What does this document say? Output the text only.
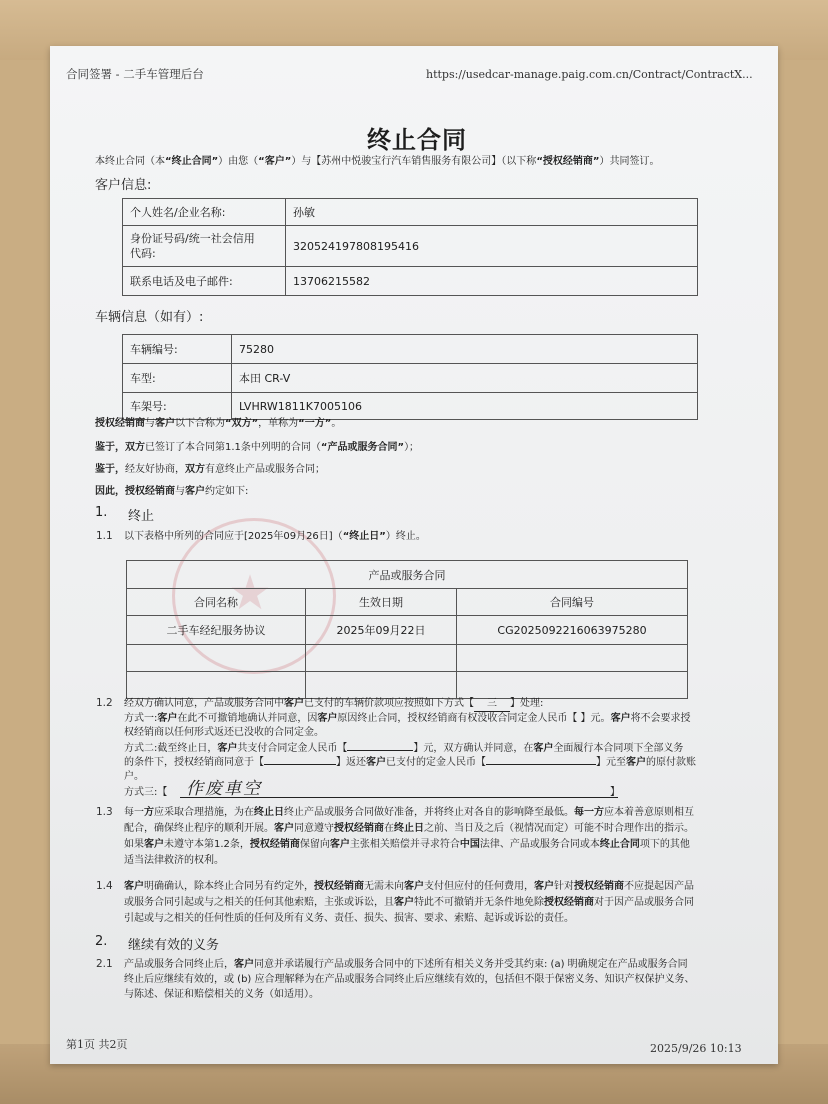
★
合同签署 - 二手车管理后台	https://usedcar-manage.paig.com.cn/Contract/ContractX...
终止合同
本终止合同（本“终止合同”）由您（“客户”）与【苏州中悦骏宝行汽车销售服务有限公司】（以下称“授权经销商”）共同签订。
客户信息:
个人姓名/企业名称:	孙敏
身份证号码/统一社会信用
代码:	320524197808195416
联系电话及电子邮件:	13706215582
车辆信息（如有）:
车辆编号:	75280
车型:	本田 CR-V
车架号:	LVHRW1811K7005106
授权经销商与客户以下合称为“双方”，单称为“一方”。
鉴于，双方已签订了本合同第1.1条中列明的合同（“产品或服务合同”）；
鉴于，经友好协商，双方有意终止产品或服务合同；
因此，授权经销商与客户约定如下:
1. 终止
1.1 以下表格中所列的合同应于[2025年09月26日]（“终止日”）终止。
产品或服务合同		
合同名称	生效日期	合同编号
二手车经纪服务协议	2025年09月22日	CG2025092216063975280

1.2 经双方确认同意，产品或服务合同中客户已支付的车辆价款项应按照如下方式【 三 】处理:
方式一:客户在此不可撤销地确认并同意，因客户原因终止合同，授权经销商有权没收合同定金人民币【 】元。客户将不会要求授
权经销商以任何形式返还已没收的合同定金。
方式二:截至终止日，客户共支付合同定金人民币【	】元，双方确认并同意，在客户全面履行本合同项下全部义务
的条件下，授权经销商同意于【	】返还客户已支付的定金人民币【	】元至客户的原付款账
户。
方式三:【 作废車空	】
1.3 每一方应采取合理措施，为在终止日终止产品或服务合同做好准备，并将终止对各自的影响降至最低。每一方应本着善意原则相互
配合，确保终止程序的顺利开展。客户同意遵守授权经销商在终止日之前、当日及之后（视情况而定）可能不时合理作出的指示。
如果客户未遵守本第1.2条，授权经销商保留向客户主张相关赔偿并寻求符合中国法律、产品或服务合同或本终止合同项下的其他
适当法律救济的权利。
1.4 客户明确确认，除本终止合同另有约定外，授权经销商无需未向客户支付但应付的任何费用，客户针对授权经销商不应提起因产品
或服务合同引起或与之相关的任何其他索赔，主张或诉讼，且客户特此不可撤销并无条件地免除授权经销商对于因产品或服务合同
引起或与之相关的任何性质的任何及所有义务、责任、损失、损害、要求、索赔、起诉或诉讼的责任。
2. 继续有效的义务
2.1 产品或服务合同终止后，客户同意并承诺履行产品或服务合同中的下述所有相关义务并受其约束: (a) 明确规定在产品或服务合同
终止后应继续有效的，或 (b) 应合理解释为在产品或服务合同终止后应继续有效的，包括但不限于保密义务、知识产权保护义务、
与陈述、保证和赔偿相关的义务（如适用）。
第1页 共2页	2025/9/26 10:13
